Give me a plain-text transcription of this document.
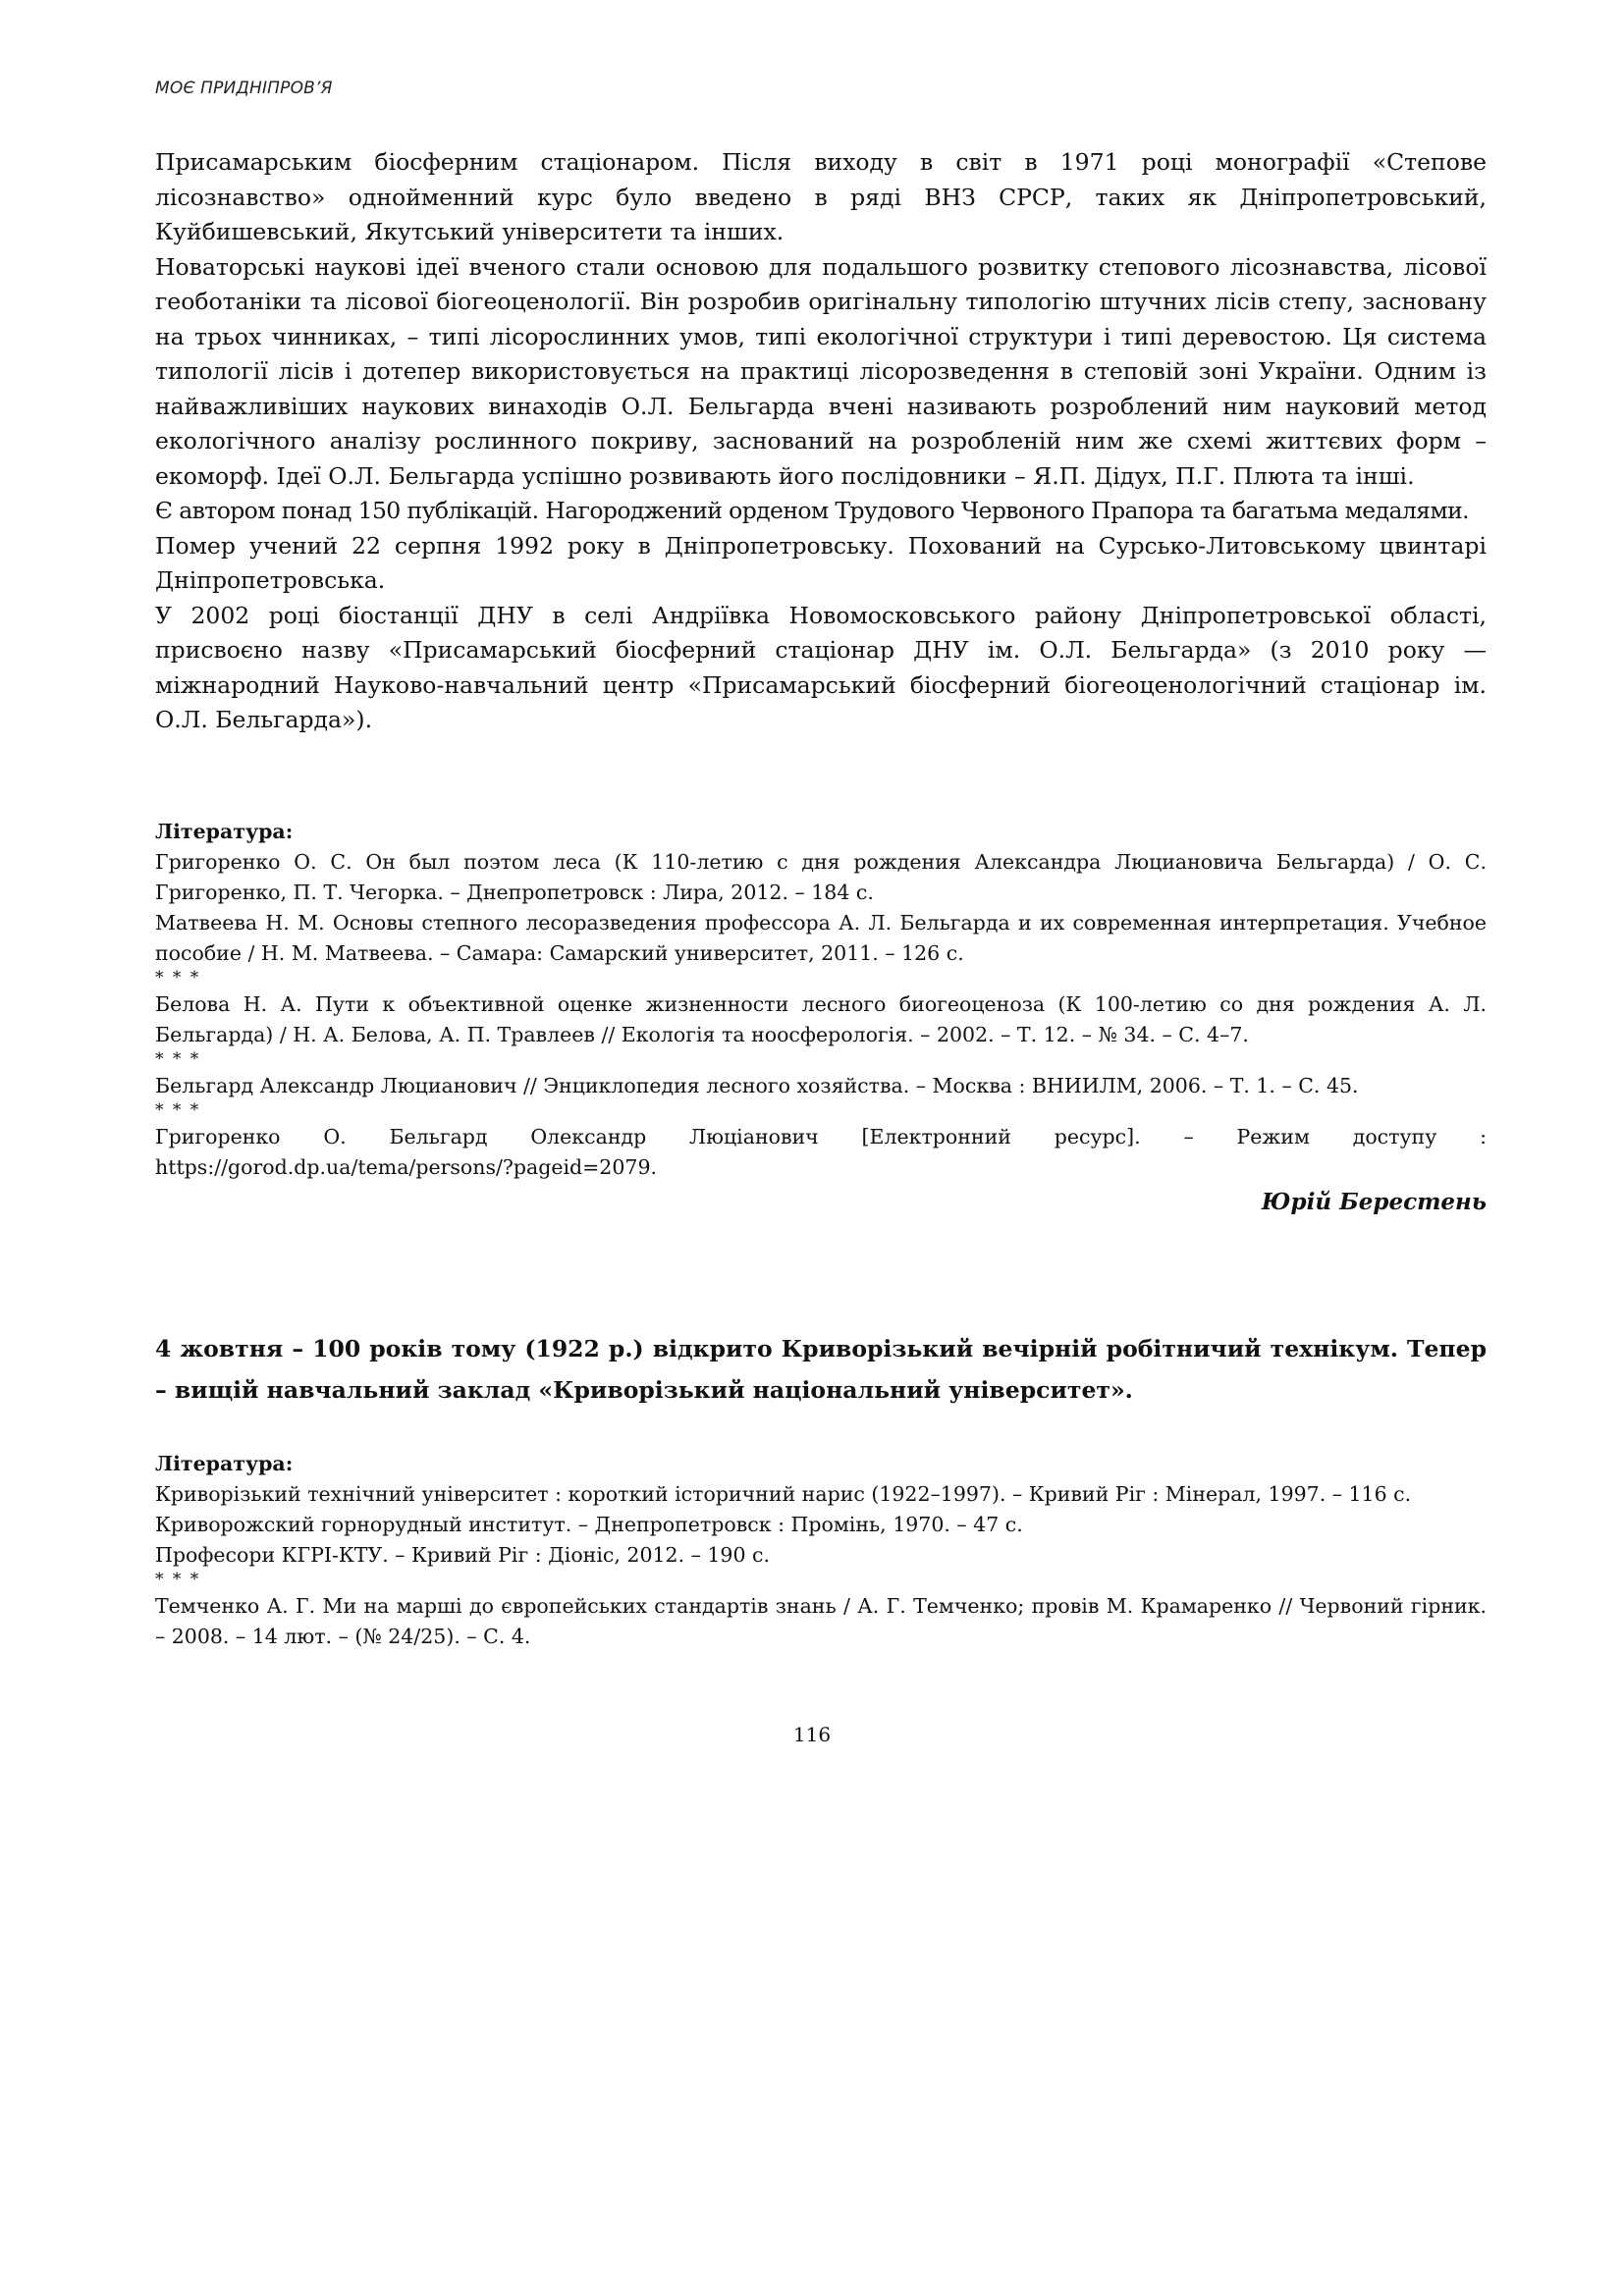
МОЄ ПРИДНІПРОВ’Я

Присамарським біосферним стаціонаром. Після виходу в світ в 1971 році монографії «Степове лісознавство» однойменний курс було введено в ряді ВНЗ СРСР, таких як Дніпропетровський, Куйбишевський, Якутський університети та інших.

Новаторські наукові ідеї вченого стали основою для подальшого розвитку степового лісознавства, лісової геоботаніки та лісової біогеоценології. Він розробив оригінальну типологію штучних лісів степу, засновану на трьох чинниках, – типі лісорослинних умов, типі екологічної структури і типі деревостою. Ця система типології лісів і дотепер використовується на практиці лісорозведення в степовій зоні України. Одним із найважливіших наукових винаходів О.Л. Бельгарда вчені називають розроблений ним науковий метод екологічного аналізу рослинного покриву, заснований на розробленій ним же схемі життєвих форм – екоморф. Ідеї О.Л. Бельгарда успішно розвивають його послідовники – Я.П. Дідух, П.Г. Плюта та інші.

Є автором понад 150 публікацій. Нагороджений орденом Трудового Червоного Прапора та багатьма медалями.

Помер учений 22 серпня 1992 року в Дніпропетровську. Похований на Сурсько-Литовському цвинтарі Дніпропетровська.

У 2002 році біостанції ДНУ в селі Андріївка Новомосковського району Дніпропетровської області, присвоєно назву «Присамарський біосферний стаціонар ДНУ ім. О.Л. Бельгарда» (з 2010 року — міжнародний Науково-навчальний центр «Присамарський біосферний біогеоценологічний стаціонар ім. О.Л. Бельгарда»).

Література:
Григоренко О. С. Он был поэтом леса (К 110-летию с дня рождения Александра Люциановича Бельгарда) / О. С. Григоренко, П. Т. Чегорка. – Днепропетровск : Лира, 2012. – 184 с.
Матвеева Н. М. Основы степного лесоразведения профессора А. Л. Бельгарда и их современная интерпретация. Учебное пособие / Н. М. Матвеева. – Самара: Самарский университет, 2011. – 126 с.
* * *
Белова Н. А. Пути к объективной оценке жизненности лесного биогеоценоза (К 100-летию со дня рождения А. Л. Бельгарда) / Н. А. Белова, А. П. Травлеев // Екологія та ноосферологія. – 2002. – Т. 12. – № 34. – С. 4–7.
* * *
Бельгард Александр Люцианович // Энциклопедия лесного хозяйства. – Москва : ВНИИЛМ, 2006. – Т. 1. – С. 45.
* * *
Григоренко О. Бельгард Олександр Люціанович [Електронний ресурс]. – Режим доступу :
https://gorod.dp.ua/tema/persons/?pageid=2079.
Юрій Берестень
4 жовтня – 100 років тому (1922 р.) відкрито Криворізький вечірній робітничий технікум. Тепер – вищій навчальний заклад «Криворізький національний університет».
Література:
Криворізький технічний університет : короткий історичний нарис (1922–1997). – Кривий Ріг : Мінерал, 1997. – 116 с.
Криворожский горнорудный институт. – Днепропетровск : Промінь, 1970. – 47 с.
Професори КГРІ-КТУ. – Кривий Ріг : Діоніс, 2012. – 190 с.
* * *
Темченко А. Г. Ми на марші до європейських стандартів знань / А. Г. Темченко; провів М. Крамаренко // Червоний гірник. – 2008. – 14 лют. – (№ 24/25). – С. 4.
116
